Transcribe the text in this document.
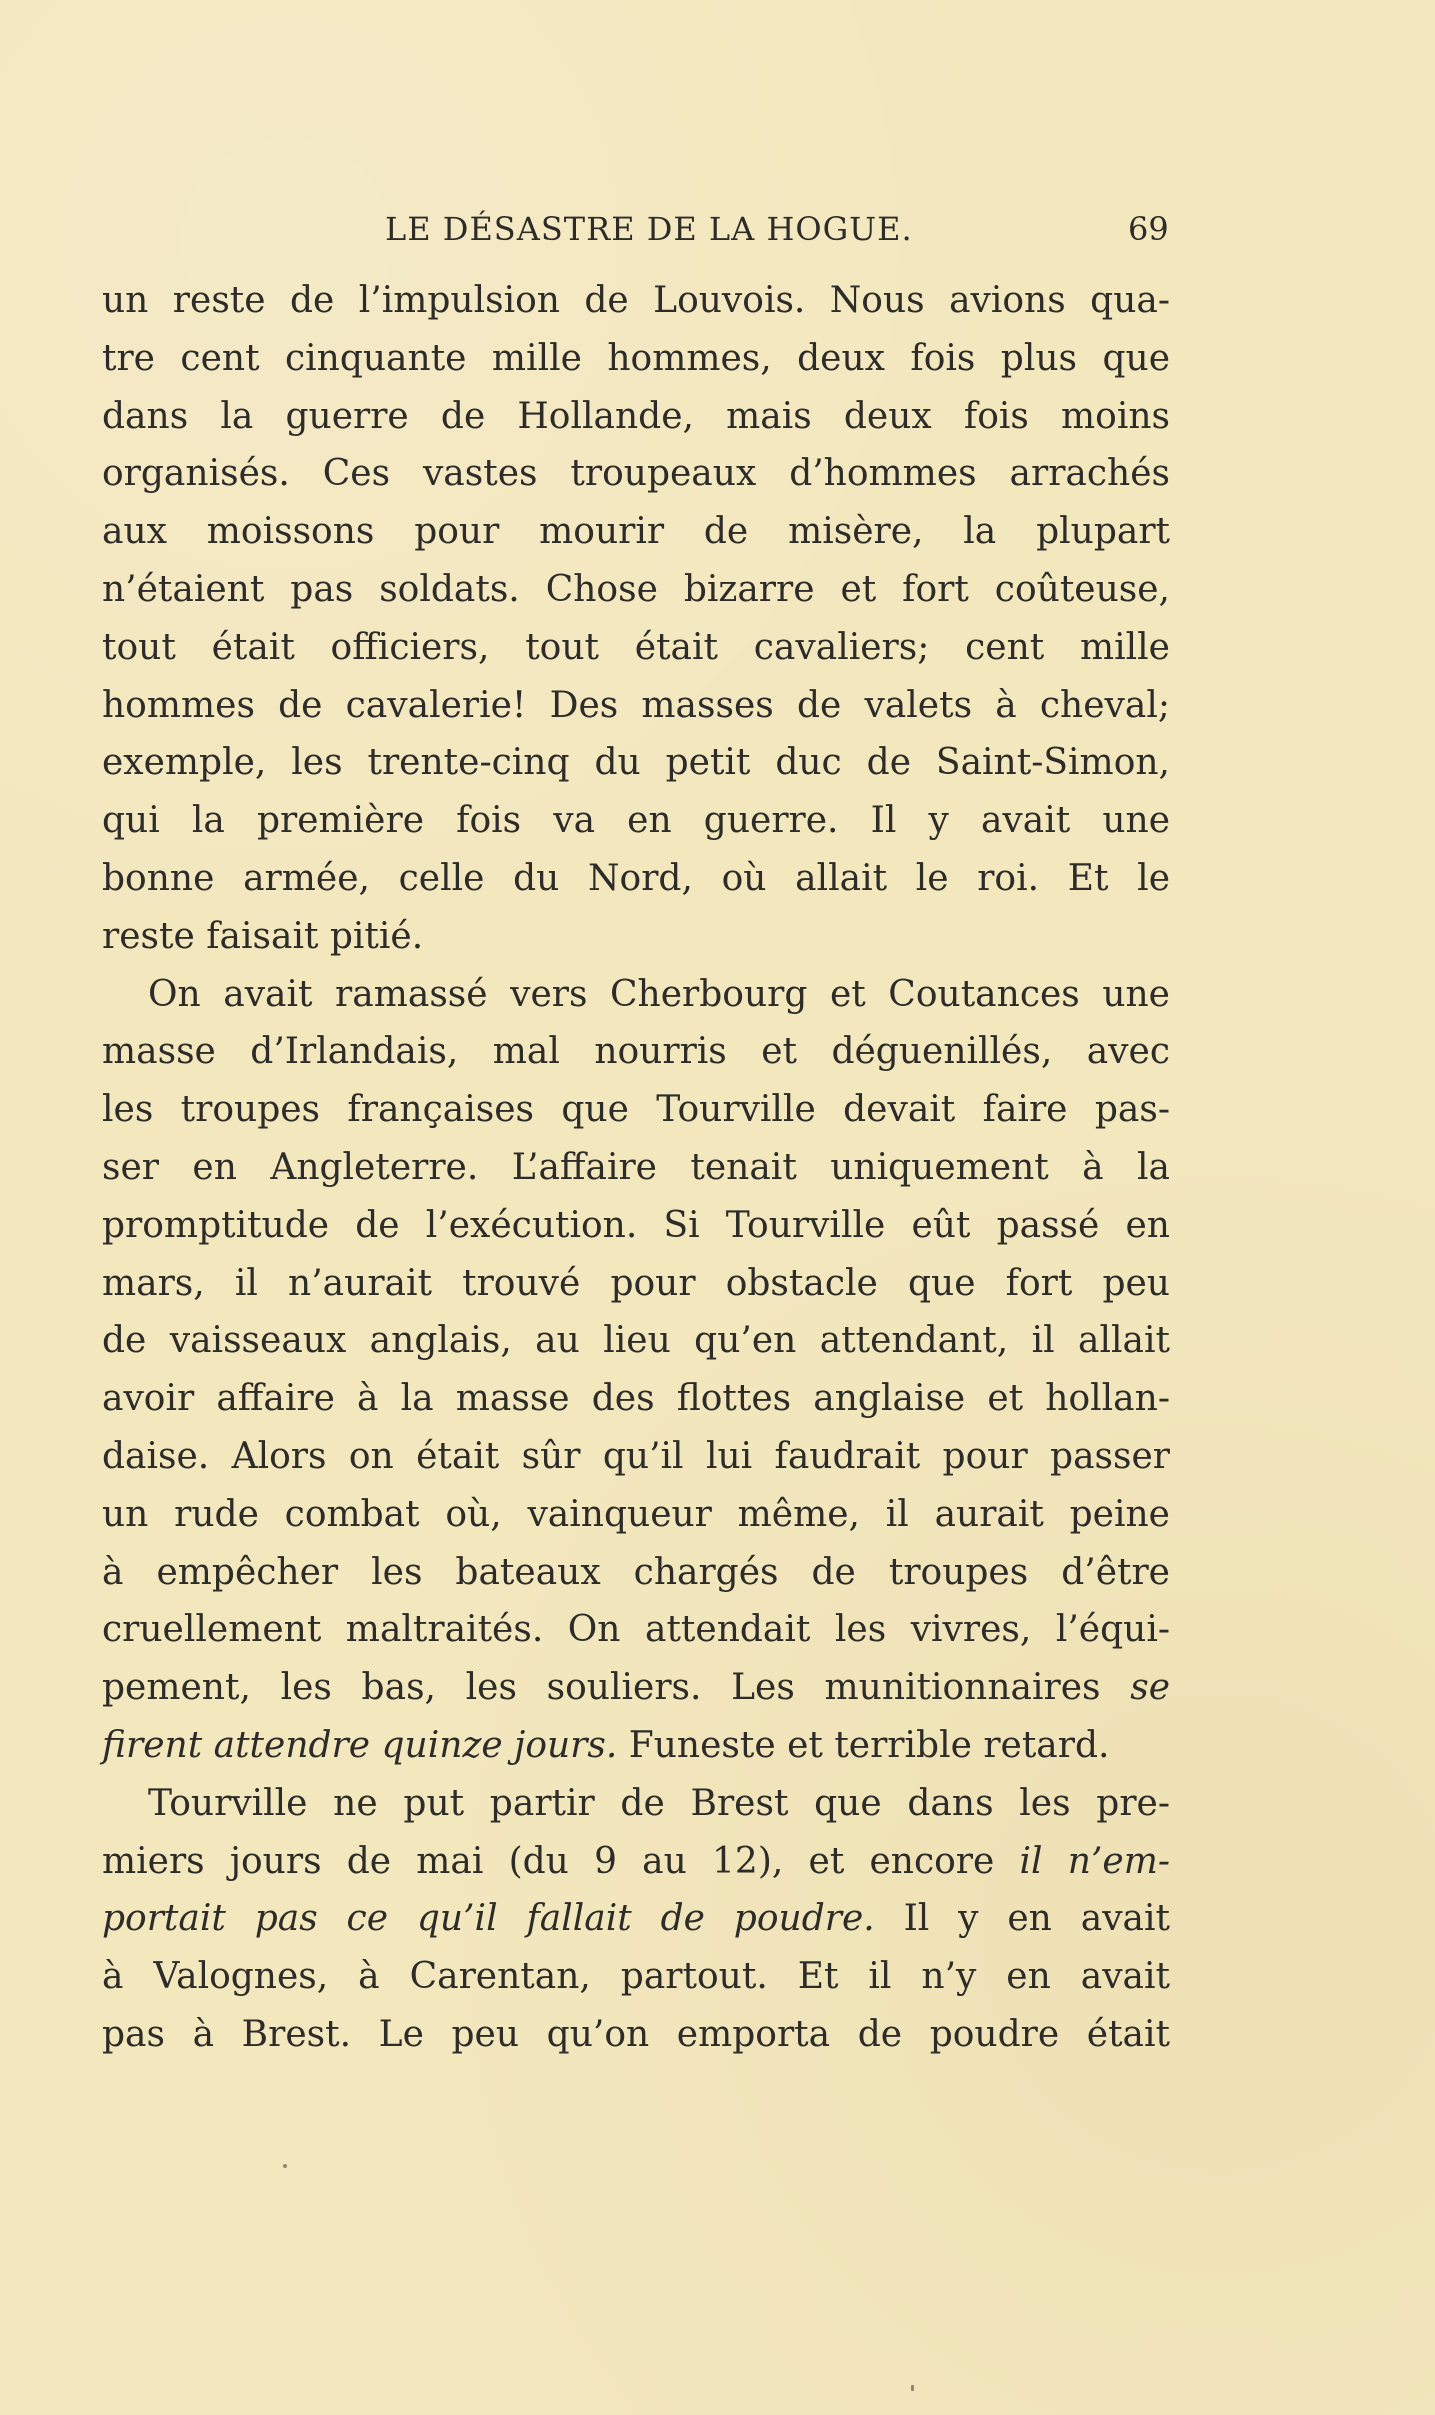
LE DÉSASTRE DE LA HOGUE.	69
un reste de l’impulsion de Louvois. Nous avions qua-
tre cent cinquante mille hommes, deux fois plus que
dans la guerre de Hollande, mais deux fois moins
organisés. Ces vastes troupeaux d’hommes arrachés
aux moissons pour mourir de misère, la plupart
n’étaient pas soldats. Chose bizarre et fort coûteuse,
tout était officiers, tout était cavaliers; cent mille
hommes de cavalerie! Des masses de valets à cheval;
exemple, les trente-cinq du petit duc de Saint-Simon,
qui la première fois va en guerre. Il y avait une
bonne armée, celle du Nord, où allait le roi. Et le
reste faisait pitié.
On avait ramassé vers Cherbourg et Coutances une
masse d’Irlandais, mal nourris et déguenillés, avec
les troupes françaises que Tourville devait faire pas-
ser en Angleterre. L’affaire tenait uniquement à la
promptitude de l’exécution. Si Tourville eût passé en
mars, il n’aurait trouvé pour obstacle que fort peu
de vaisseaux anglais, au lieu qu’en attendant, il allait
avoir affaire à la masse des flottes anglaise et hollan-
daise. Alors on était sûr qu’il lui faudrait pour passer
un rude combat où, vainqueur même, il aurait peine
à empêcher les bateaux chargés de troupes d’être
cruellement maltraités. On attendait les vivres, l’équi-
pement, les bas, les souliers. Les munitionnaires se
firent attendre quinze jours. Funeste et terrible retard.
Tourville ne put partir de Brest que dans les pre-
miers jours de mai (du 9 au 12), et encore il n’em-
portait pas ce qu’il fallait de poudre. Il y en avait
à Valognes, à Carentan, partout. Et il n’y en avait
pas à Brest. Le peu qu’on emporta de poudre était
